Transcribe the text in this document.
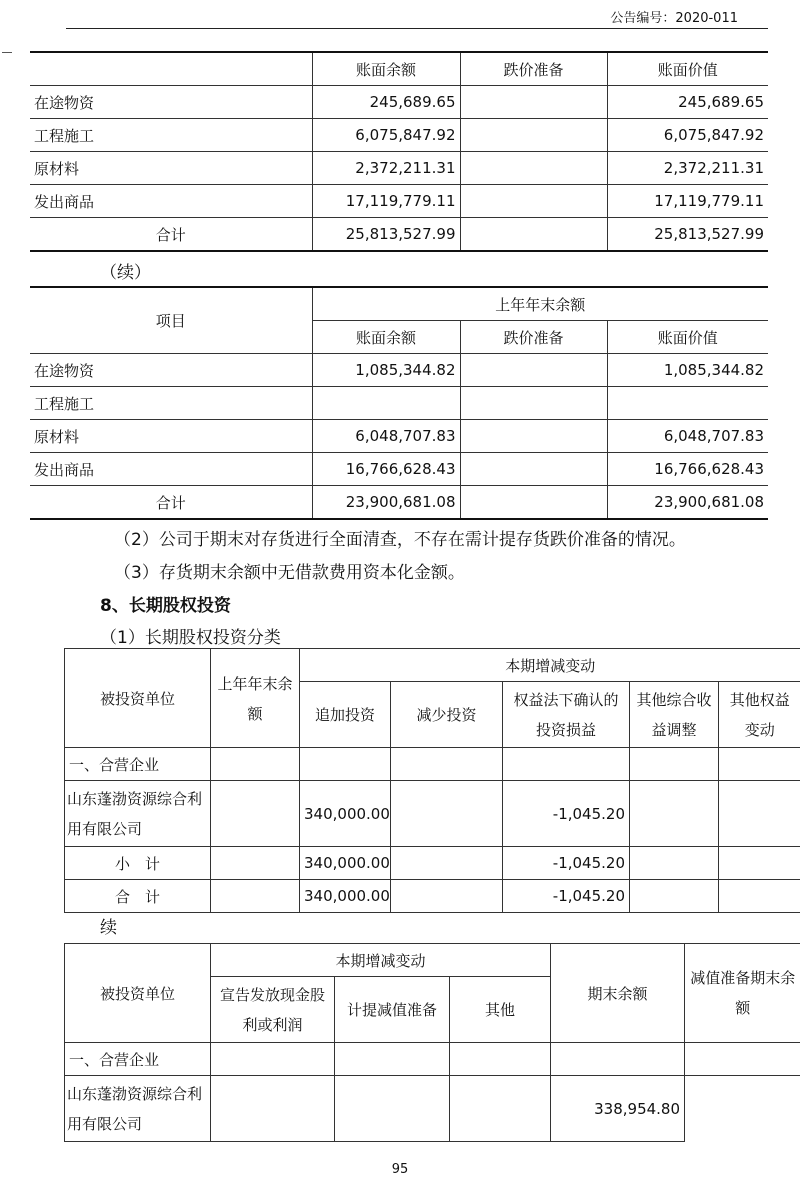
公告编号：2020-011
	账面余额	跌价准备	账面价值
在途物资	245,689.65		245,689.65
工程施工	6,075,847.92		6,075,847.92
原材料	2,372,211.31		2,372,211.31
发出商品	17,119,779.11		17,119,779.11
合计	25,813,527.99		25,813,527.99
（续）
项目	上年年末余额		
	账面余额	跌价准备	账面价值
在途物资	1,085,344.82		1,085,344.82
工程施工			
原材料	6,048,707.83		6,048,707.83
发出商品	16,766,628.43		16,766,628.43
合计	23,900,681.08		23,900,681.08
（2）公司于期末对存货进行全面清查，不存在需计提存货跌价准备的情况。
（3）存货期末余额中无借款费用资本化金额。
8、长期股权投资
（1）长期股权投资分类
被投资单位	上年年末余额	本期增减变动				
		追加投资	减少投资	权益法下确认的投资损益	其他综合收益调整	其他权益变动
一、合营企业						
山东蓬渤资源综合利用有限公司		340,000.00		-1,045.20		
小　计		340,000.00		-1,045.20		
合　计		340,000.00		-1,045.20		
续
被投资单位	本期增减变动			期末余额	减值准备期末余额
	宣告发放现金股利或利润	计提减值准备	其他		
一、合营企业					
山东蓬渤资源综合利用有限公司				338,954.80	
95
